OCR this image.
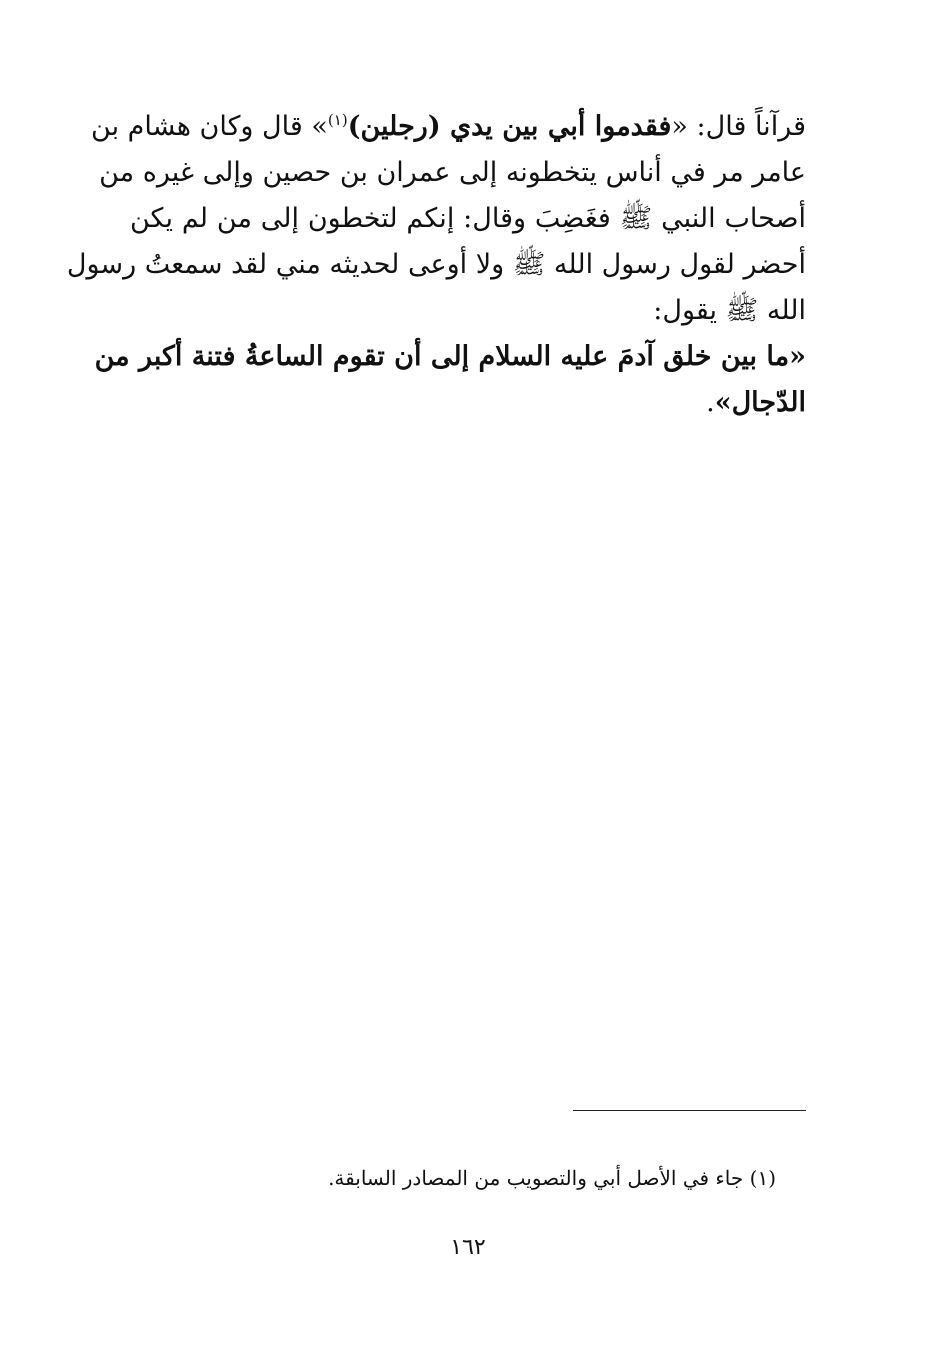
قرآناً قال: «فقدموا أبي بين يدي (رجلين)$^{(١)}$» قال وكان هشام بن
عامر مر في أناس يتخطونه إلى عمران بن حصين وإلى غيره من
أصحاب النبي ﷺ فغَضِبَ وقال: إنكم لتخطون إلى من لم يكن
أحضر لقول رسول الله ﷺ ولا أوعى لحديثه مني لقد سمعتُ رسول
الله ﷺ يقول:
«ما بين خلق آدمَ عليه السلام إلى أن تقوم الساعةُ فتنة أكبر من
الدّجال».
(١) جاء في الأصل أبي والتصويب من المصادر السابقة.
١٦٢
